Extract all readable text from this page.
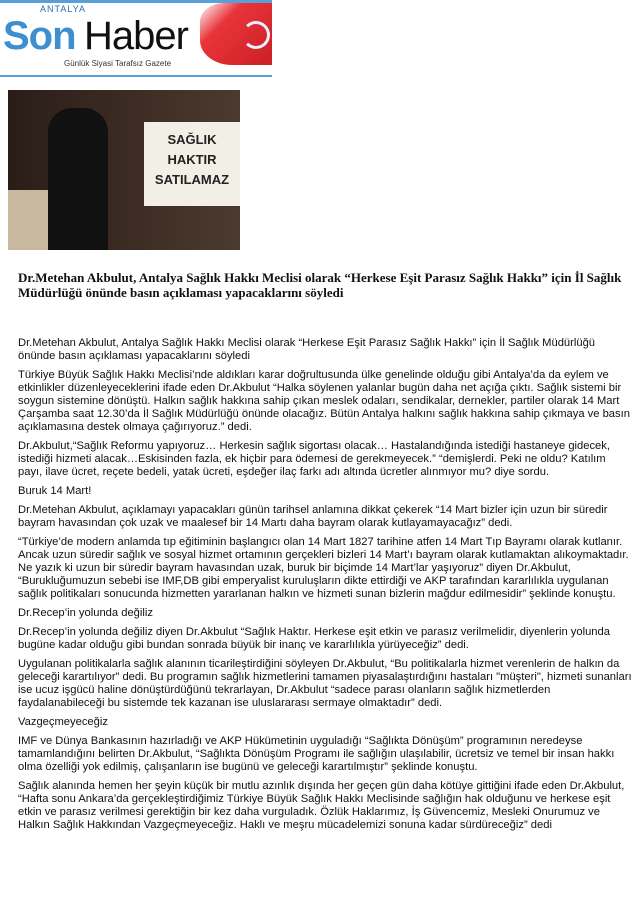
ANTALYA
Son Haber
Günlük Siyasi Tarafsız Gazete
SAĞLIK HAKTIR SATILAMAZ
Dr.Metehan Akbulut, Antalya Sağlık Hakkı Meclisi olarak “Herkese Eşit Parasız Sağlık Hakkı” için İl Sağlık Müdürlüğü önünde basın açıklaması yapacaklarını söyledi

Dr.Metehan Akbulut, Antalya Sağlık Hakkı Meclisi olarak “Herkese Eşit Parasız Sağlık Hakkı” için İl Sağlık Müdürlüğü önünde basın açıklaması yapacaklarını söyledi

Türkiye Büyük Sağlık Hakkı Meclisi’nde aldıkları karar doğrultusunda ülke genelinde olduğu gibi Antalya’da da eylem ve etkinlikler düzenleyeceklerini ifade eden Dr.Akbulut “Halka söylenen yalanlar bugün daha net açığa çıktı. Sağlık sistemi bir soygun sistemine dönüştü. Halkın sağlık hakkına sahip çıkan meslek odaları, sendikalar, dernekler, partiler olarak 14 Mart Çarşamba saat 12.30’da İl Sağlık Müdürlüğü önünde olacağız. Bütün Antalya halkını sağlık hakkına sahip çıkmaya ve basın açıklamasına destek olmaya çağırıyoruz.” dedi.

Dr.Akbulut,“Sağlık Reformu yapıyoruz… Herkesin sağlık sigortası olacak… Hastalandığında istediği hastaneye gidecek, istediği hizmeti alacak…Eskisinden fazla, ek hiçbir para ödemesi de gerekmeyecek.” “demişlerdi. Peki ne oldu? Katılım payı, ilave ücret, reçete bedeli, yatak ücreti, eşdeğer ilaç farkı adı altında ücretler alınmıyor mu? diye sordu.

Buruk 14 Mart!

Dr.Metehan Akbulut, açıklamayı yapacakları günün tarihsel anlamına dikkat çekerek “14 Mart bizler için uzun bir süredir bayram havasından çok uzak ve maalesef bir 14 Martı daha bayram olarak kutlayamayacağız” dedi.

“Türkiye’de modern anlamda tıp eğitiminin başlangıcı olan 14 Mart 1827 tarihine atfen 14 Mart Tıp Bayramı olarak kutlanır. Ancak uzun süredir sağlık ve sosyal hizmet ortamının gerçekleri bizleri 14 Mart’ı bayram olarak kutlamaktan alıkoymaktadır. Ne yazık ki uzun bir süredir bayram havasından uzak, buruk bir biçimde 14 Mart’lar yaşıyoruz” diyen Dr.Akbulut, “Burukluğumuzun sebebi ise IMF,DB gibi emperyalist kuruluşların dikte ettirdiği ve AKP tarafından kararlılıkla uygulanan sağlık politikaları sonucunda hizmetten yararlanan halkın ve hizmeti sunan bizlerin mağdur edilmesidir” şeklinde konuştu.

Dr.Recep’in yolunda değiliz

Dr.Recep’in yolunda değiliz diyen Dr.Akbulut “Sağlık Haktır. Herkese eşit etkin ve parasız verilmelidir, diyenlerin yolunda bugüne kadar olduğu gibi bundan sonrada büyük bir inanç ve kararlılıkla yürüyeceğiz” dedi.

Uygulanan politikalarla sağlık alanının ticarileştirdiğini söyleyen Dr.Akbulut, “Bu politikalarla hizmet verenlerin de halkın da geleceği karartılıyor” dedi. Bu programın sağlık hizmetlerini tamamen piyasalaştırdığını hastaları "müşteri", hizmeti sunanları ise ucuz işgücü haline dönüştürdüğünü tekrarlayan, Dr.Akbulut “sadece parası olanların sağlık hizmetlerden faydalanabileceği bu sistemde tek kazanan ise uluslararası sermaye olmaktadır” dedi.

Vazgeçmeyeceğiz

IMF ve Dünya Bankasının hazırladığı ve AKP Hükümetinin uyguladığı “Sağlıkta Dönüşüm” programının neredeyse tamamlandığını belirten Dr.Akbulut, “Sağlıkta Dönüşüm Programı ile sağlığın ulaşılabilir, ücretsiz ve temel bir insan hakkı olma özelliği yok edilmiş, çalışanların ise bugünü ve geleceği karartılmıştır” şeklinde konuştu.

Sağlık alanında hemen her şeyin küçük bir mutlu azınlık dışında her geçen gün daha kötüye gittiğini ifade eden Dr.Akbulut, “Hafta sonu Ankara’da gerçekleştirdiğimiz Türkiye Büyük Sağlık Hakkı Meclisinde sağlığın hak olduğunu ve herkese eşit etkin ve parasız verilmesi gerektiğin bir kez daha vurguladık. Özlük Haklarımız, İş Güvencemiz, Mesleki Onurumuz ve Halkın Sağlık Hakkından Vazgeçmeyeceğiz. Haklı ve meşru mücadelemizi sonuna kadar sürdüreceğiz” dedi
